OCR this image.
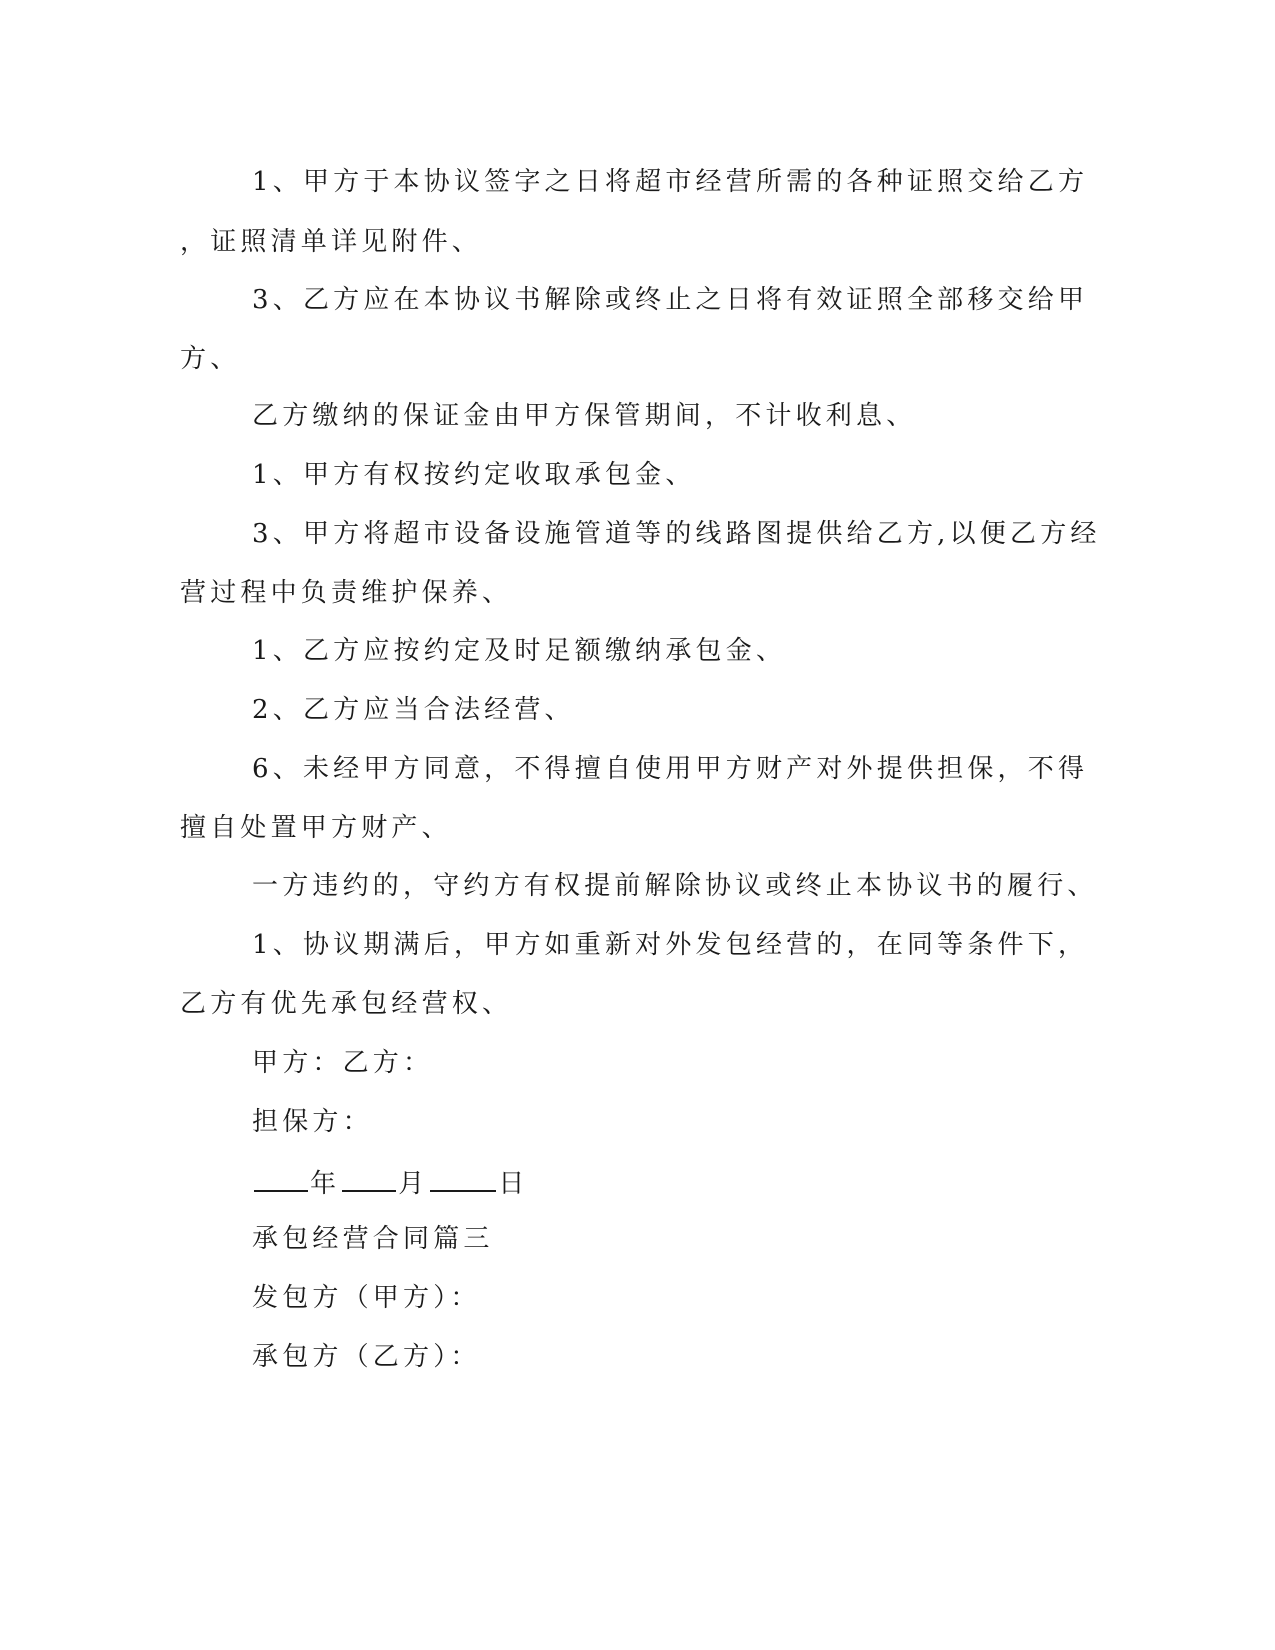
1、甲方于本协议签字之日将超市经营所需的各种证照交给乙方
，证照清单详见附件、
3、乙方应在本协议书解除或终止之日将有效证照全部移交给甲
方、
乙方缴纳的保证金由甲方保管期间，不计收利息、
1、甲方有权按约定收取承包金、
3、甲方将超市设备设施管道等的线路图提供给乙方,以便乙方经
营过程中负责维护保养、
1、乙方应按约定及时足额缴纳承包金、
2、乙方应当合法经营、
6、未经甲方同意，不得擅自使用甲方财产对外提供担保，不得
擅自处置甲方财产、
一方违约的，守约方有权提前解除协议或终止本协议书的履行、
1、协议期满后，甲方如重新对外发包经营的，在同等条件下，
乙方有优先承包经营权、
甲方：乙方：
担保方：
年 月	日
承包经营合同篇三
发包方（甲方）：
承包方（乙方）：
